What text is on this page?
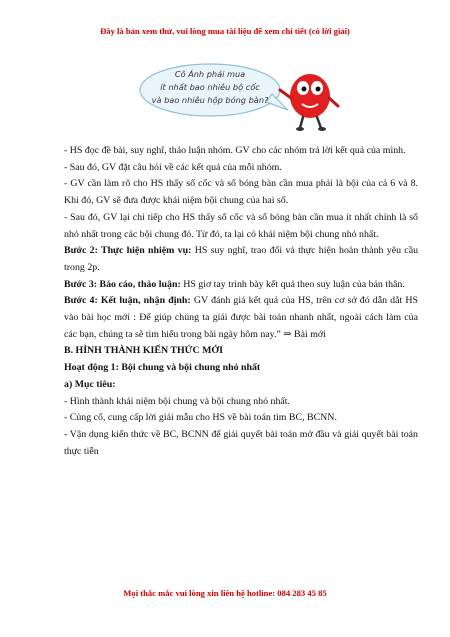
Đây là bản xem thử, vui lòng mua tài liệu để xem chi tiết (có lời giải)
Cô Ánh phải mua
ít nhất bao nhiêu bộ cốc
và bao nhiêu hộp bóng bàn?

- HS đọc đề bài, suy nghĩ, thảo luận nhóm. GV cho các nhóm trả lời kết quả của mình.

- Sau đó, GV đặt câu hỏi về các kết quả của mỗi nhóm.

- GV cần làm rõ cho HS thấy số cốc và số bóng bàn cần mua phải là bội của cả 6 và 8. Khi đó, GV sẽ đưa được khái niệm bội chung của hai số.

- Sau đó, GV lại chỉ tiếp cho HS thấy số cốc và số bóng bàn cần mua ít nhất chính là số nhỏ nhất trong các bội chung đó. Từ đó, ta lại có khái niệm bội chung nhỏ nhất.

Bước 2: Thực hiện nhiệm vụ: HS suy nghĩ, trao đổi và thực hiện hoàn thành yêu cầu trong 2p.

Bước 3: Báo cáo, thảo luận: HS giơ tay trình bày kết quả theo suy luận của bản thân.

Bước 4: Kết luận, nhận định: GV đánh giá kết quả của HS, trên cơ sở đó dẫn dắt HS vào bài học mới : Để giúp chúng ta giải được bài toán nhanh nhất, ngoài cách làm của các bạn, chúng ta sẽ tìm hiểu trong bài ngày hôm nay.” ⇒ Bài mới

B. HÌNH THÀNH KIẾN THỨC MỚI

Hoạt động 1: Bội chung và bội chung nhỏ nhất

a) Mục tiêu:

- Hình thành khái niệm bội chung và bội chung nhỏ nhất.

- Củng cố, cung cấp lời giải mẫu cho HS về bài toán tìm BC, BCNN.

- Vận dụng kiến thức về BC, BCNN để giải quyết bài toán mở đầu và giải quyết bài toán thực tiễn

Mọi thắc mắc vui lòng xin liên hệ hotline: 084 283 45 85
